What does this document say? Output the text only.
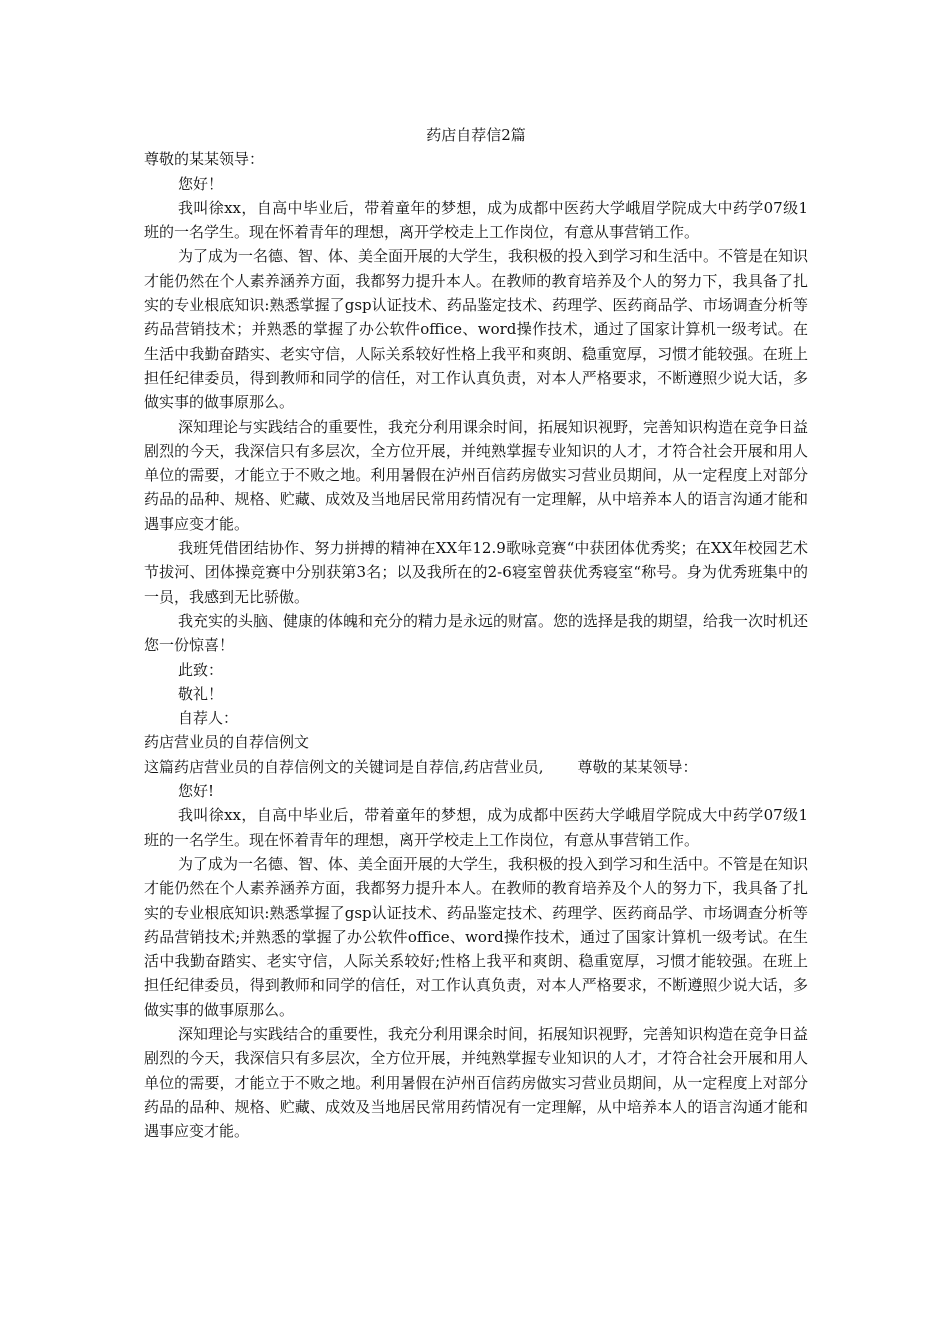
药店自荐信2篇

尊敬的某某领导：

您好！

我叫徐xx，自高中毕业后，带着童年的梦想，成为成都中医药大学峨眉学院成大中药学07级1班的一名学生。现在怀着青年的理想，离开学校走上工作岗位，有意从事营销工作。

为了成为一名德、智、体、美全面开展的大学生，我积极的投入到学习和生活中。不管是在知识才能仍然在个人素养涵养方面，我都努力提升本人。在教师的教育培养及个人的努力下，我具备了扎实的专业根底知识:熟悉掌握了gsp认证技术、药品鉴定技术、药理学、医药商品学、市场调查分析等药品营销技术；并熟悉的掌握了办公软件office、word操作技术，通过了国家计算机一级考试。在生活中我勤奋踏实、老实守信，人际关系较好性格上我平和爽朗、稳重宽厚，习惯才能较强。在班上担任纪律委员，得到教师和同学的信任，对工作认真负责，对本人严格要求，不断遵照少说大话，多做实事的做事原那么。

深知理论与实践结合的重要性，我充分利用课余时间，拓展知识视野，完善知识构造在竞争日益剧烈的今天，我深信只有多层次，全方位开展，并纯熟掌握专业知识的人才，才符合社会开展和用人单位的需要，才能立于不败之地。利用暑假在泸州百信药房做实习营业员期间，从一定程度上对部分药品的品种、规格、贮藏、成效及当地居民常用药情况有一定理解，从中培养本人的语言沟通才能和遇事应变才能。

我班凭借团结协作、努力拼搏的精神在XX年12.9歌咏竞赛“中获团体优秀奖；在XX年校园艺术节拔河、团体操竞赛中分别获第3名；以及我所在的2-6寝室曾获优秀寝室“称号。身为优秀班集中的一员，我感到无比骄傲。

我充实的头脑、健康的体魄和充分的精力是永远的财富。您的选择是我的期望，给我一次时机还您一份惊喜！

此致：

敬礼！

自荐人：

药店营业员的自荐信例文

这篇药店营业员的自荐信例文的关键词是自荐信,药店营业员, 尊敬的某某领导：

您好!

我叫徐xx，自高中毕业后，带着童年的梦想，成为成都中医药大学峨眉学院成大中药学07级1班的一名学生。现在怀着青年的理想，离开学校走上工作岗位，有意从事营销工作。

为了成为一名德、智、体、美全面开展的大学生，我积极的投入到学习和生活中。不管是在知识才能仍然在个人素养涵养方面，我都努力提升本人。在教师的教育培养及个人的努力下，我具备了扎实的专业根底知识:熟悉掌握了gsp认证技术、药品鉴定技术、药理学、医药商品学、市场调查分析等药品营销技术;并熟悉的掌握了办公软件office、word操作技术，通过了国家计算机一级考试。在生活中我勤奋踏实、老实守信，人际关系较好;性格上我平和爽朗、稳重宽厚，习惯才能较强。在班上担任纪律委员，得到教师和同学的信任，对工作认真负责，对本人严格要求，不断遵照少说大话，多做实事的做事原那么。

深知理论与实践结合的重要性，我充分利用课余时间，拓展知识视野，完善知识构造在竞争日益剧烈的今天，我深信只有多层次，全方位开展，并纯熟掌握专业知识的人才，才符合社会开展和用人单位的需要，才能立于不败之地。利用暑假在泸州百信药房做实习营业员期间，从一定程度上对部分药品的品种、规格、贮藏、成效及当地居民常用药情况有一定理解，从中培养本人的语言沟通才能和遇事应变才能。
